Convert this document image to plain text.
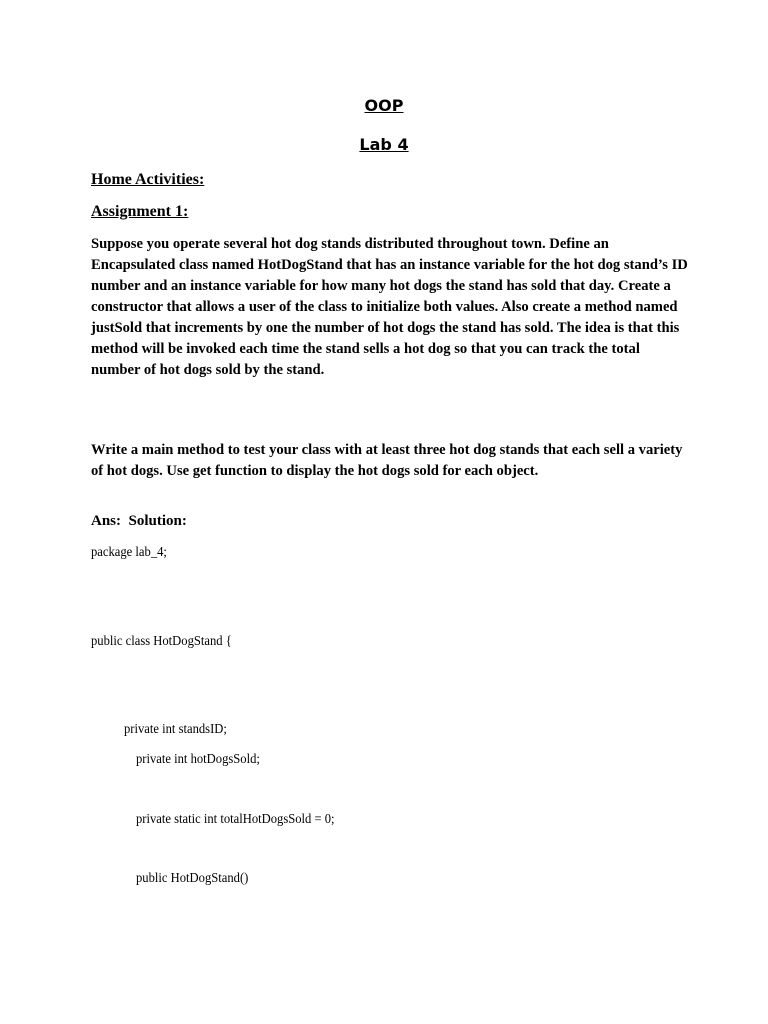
OOP

Lab 4

Home Activities:

Assignment 1:

Suppose you operate several hot dog stands distributed throughout town. Define an Encapsulated class named HotDogStand that has an instance variable for the hot dog stand’s ID number and an instance variable for how many hot dogs the stand has sold that day. Create a constructor that allows a user of the class to initialize both values. Also create a method named justSold that increments by one the number of hot dogs the stand has sold. The idea is that this method will be invoked each time the stand sells a hot dog so that you can track the total number of hot dogs sold by the stand.

Write a main method to test your class with at least three hot dog stands that each sell a variety of hot dogs. Use get function to display the hot dogs sold for each object.

Ans:  Solution:

package lab_4;

public class HotDogStand {

private int standsID;

private int hotDogsSold;

private static int totalHotDogsSold = 0;

public HotDogStand()
